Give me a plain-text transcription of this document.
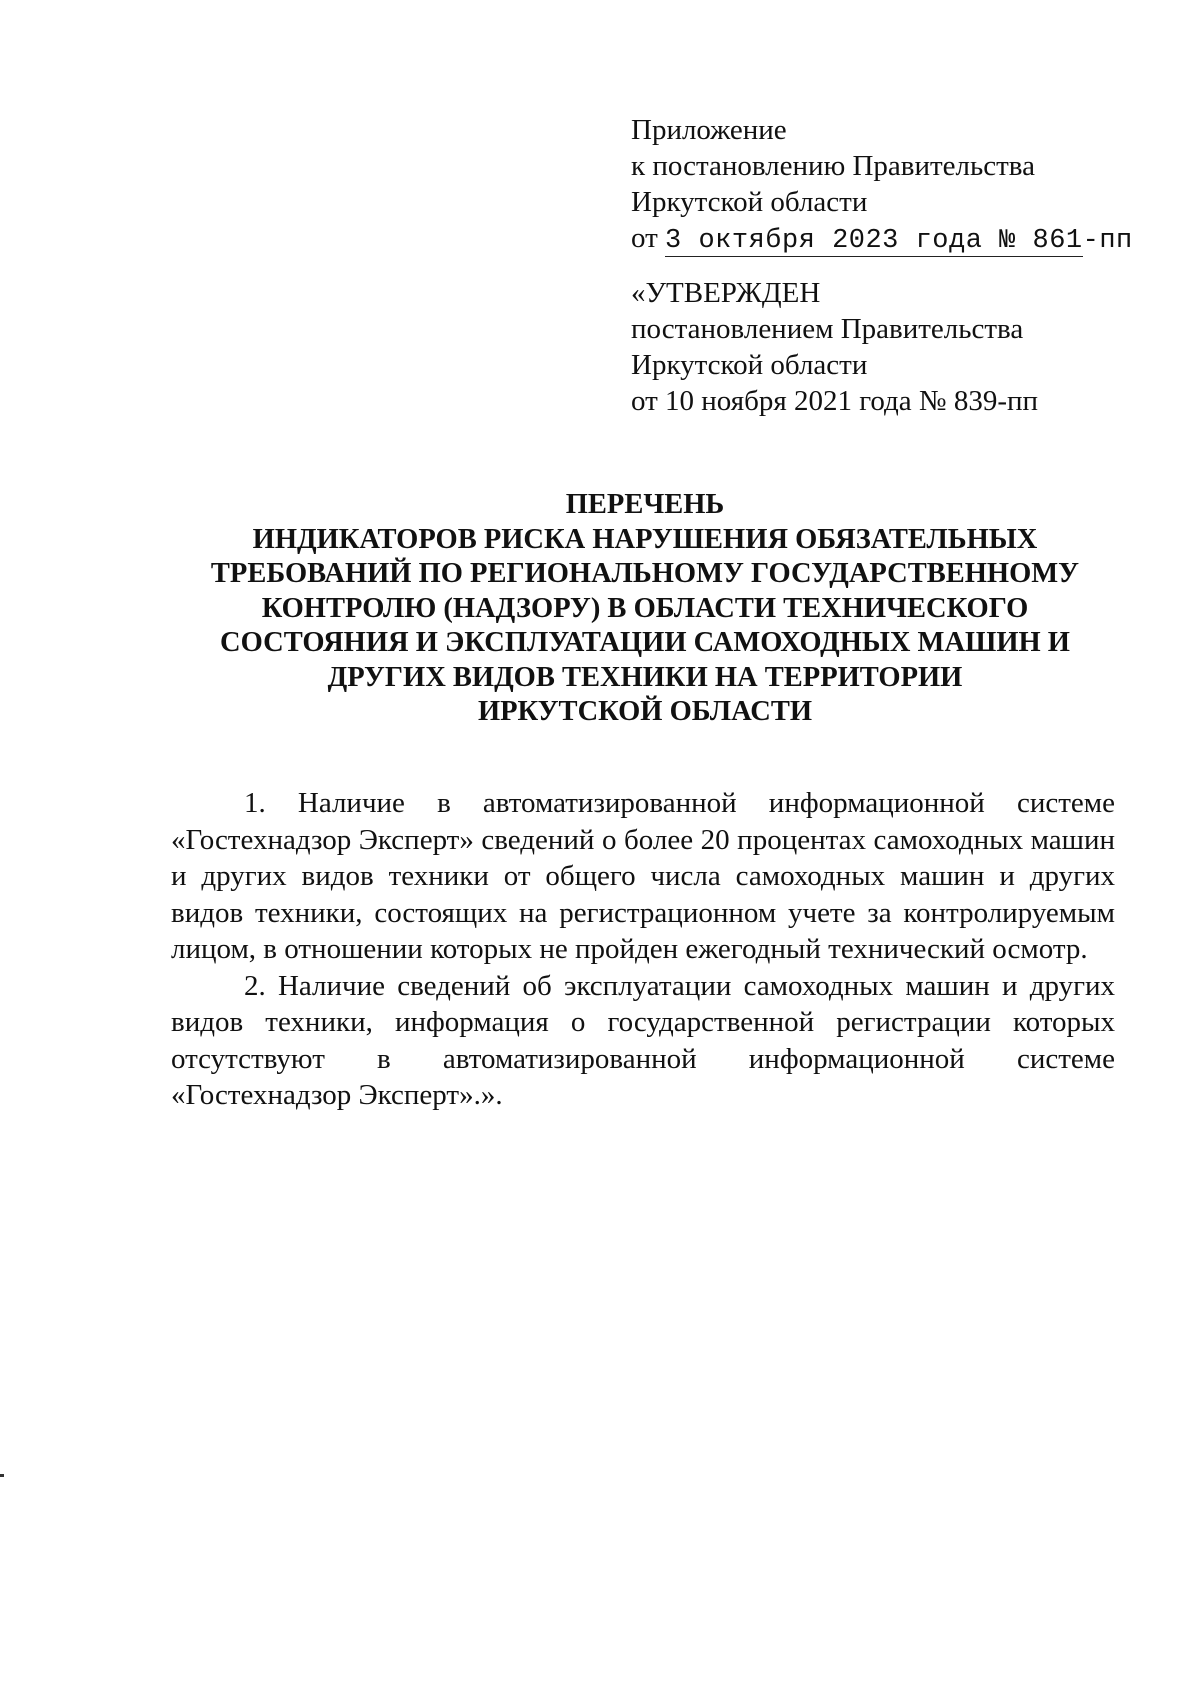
Приложение
к постановлению Правительства
Иркутской области
от 3 октября 2023 года № 861-пп
«УТВЕРЖДЕН
постановлением Правительства
Иркутской области
от 10 ноября 2021 года № 839-пп
ПЕРЕЧЕНЬ
ИНДИКАТОРОВ РИСКА НАРУШЕНИЯ ОБЯЗАТЕЛЬНЫХ
ТРЕБОВАНИЙ ПО РЕГИОНАЛЬНОМУ ГОСУДАРСТВЕННОМУ
КОНТРОЛЮ (НАДЗОРУ) В ОБЛАСТИ ТЕХНИЧЕСКОГО
СОСТОЯНИЯ И ЭКСПЛУАТАЦИИ САМОХОДНЫХ МАШИН И
ДРУГИХ ВИДОВ ТЕХНИКИ НА ТЕРРИТОРИИ
ИРКУТСКОЙ ОБЛАСТИ

1. Наличие в автоматизированной информационной системе «Гостехнадзор Эксперт» сведений о более 20 процентах самоходных машин и других видов техники от общего числа самоходных машин и других видов техники, состоящих на регистрационном учете за контролируемым лицом, в отношении которых не пройден ежегодный технический осмотр.

2. Наличие сведений об эксплуатации самоходных машин и других видов техники, информация о государственной регистрации которых отсутствуют в автоматизированной информационной системе «Гостехнадзор Эксперт».».
